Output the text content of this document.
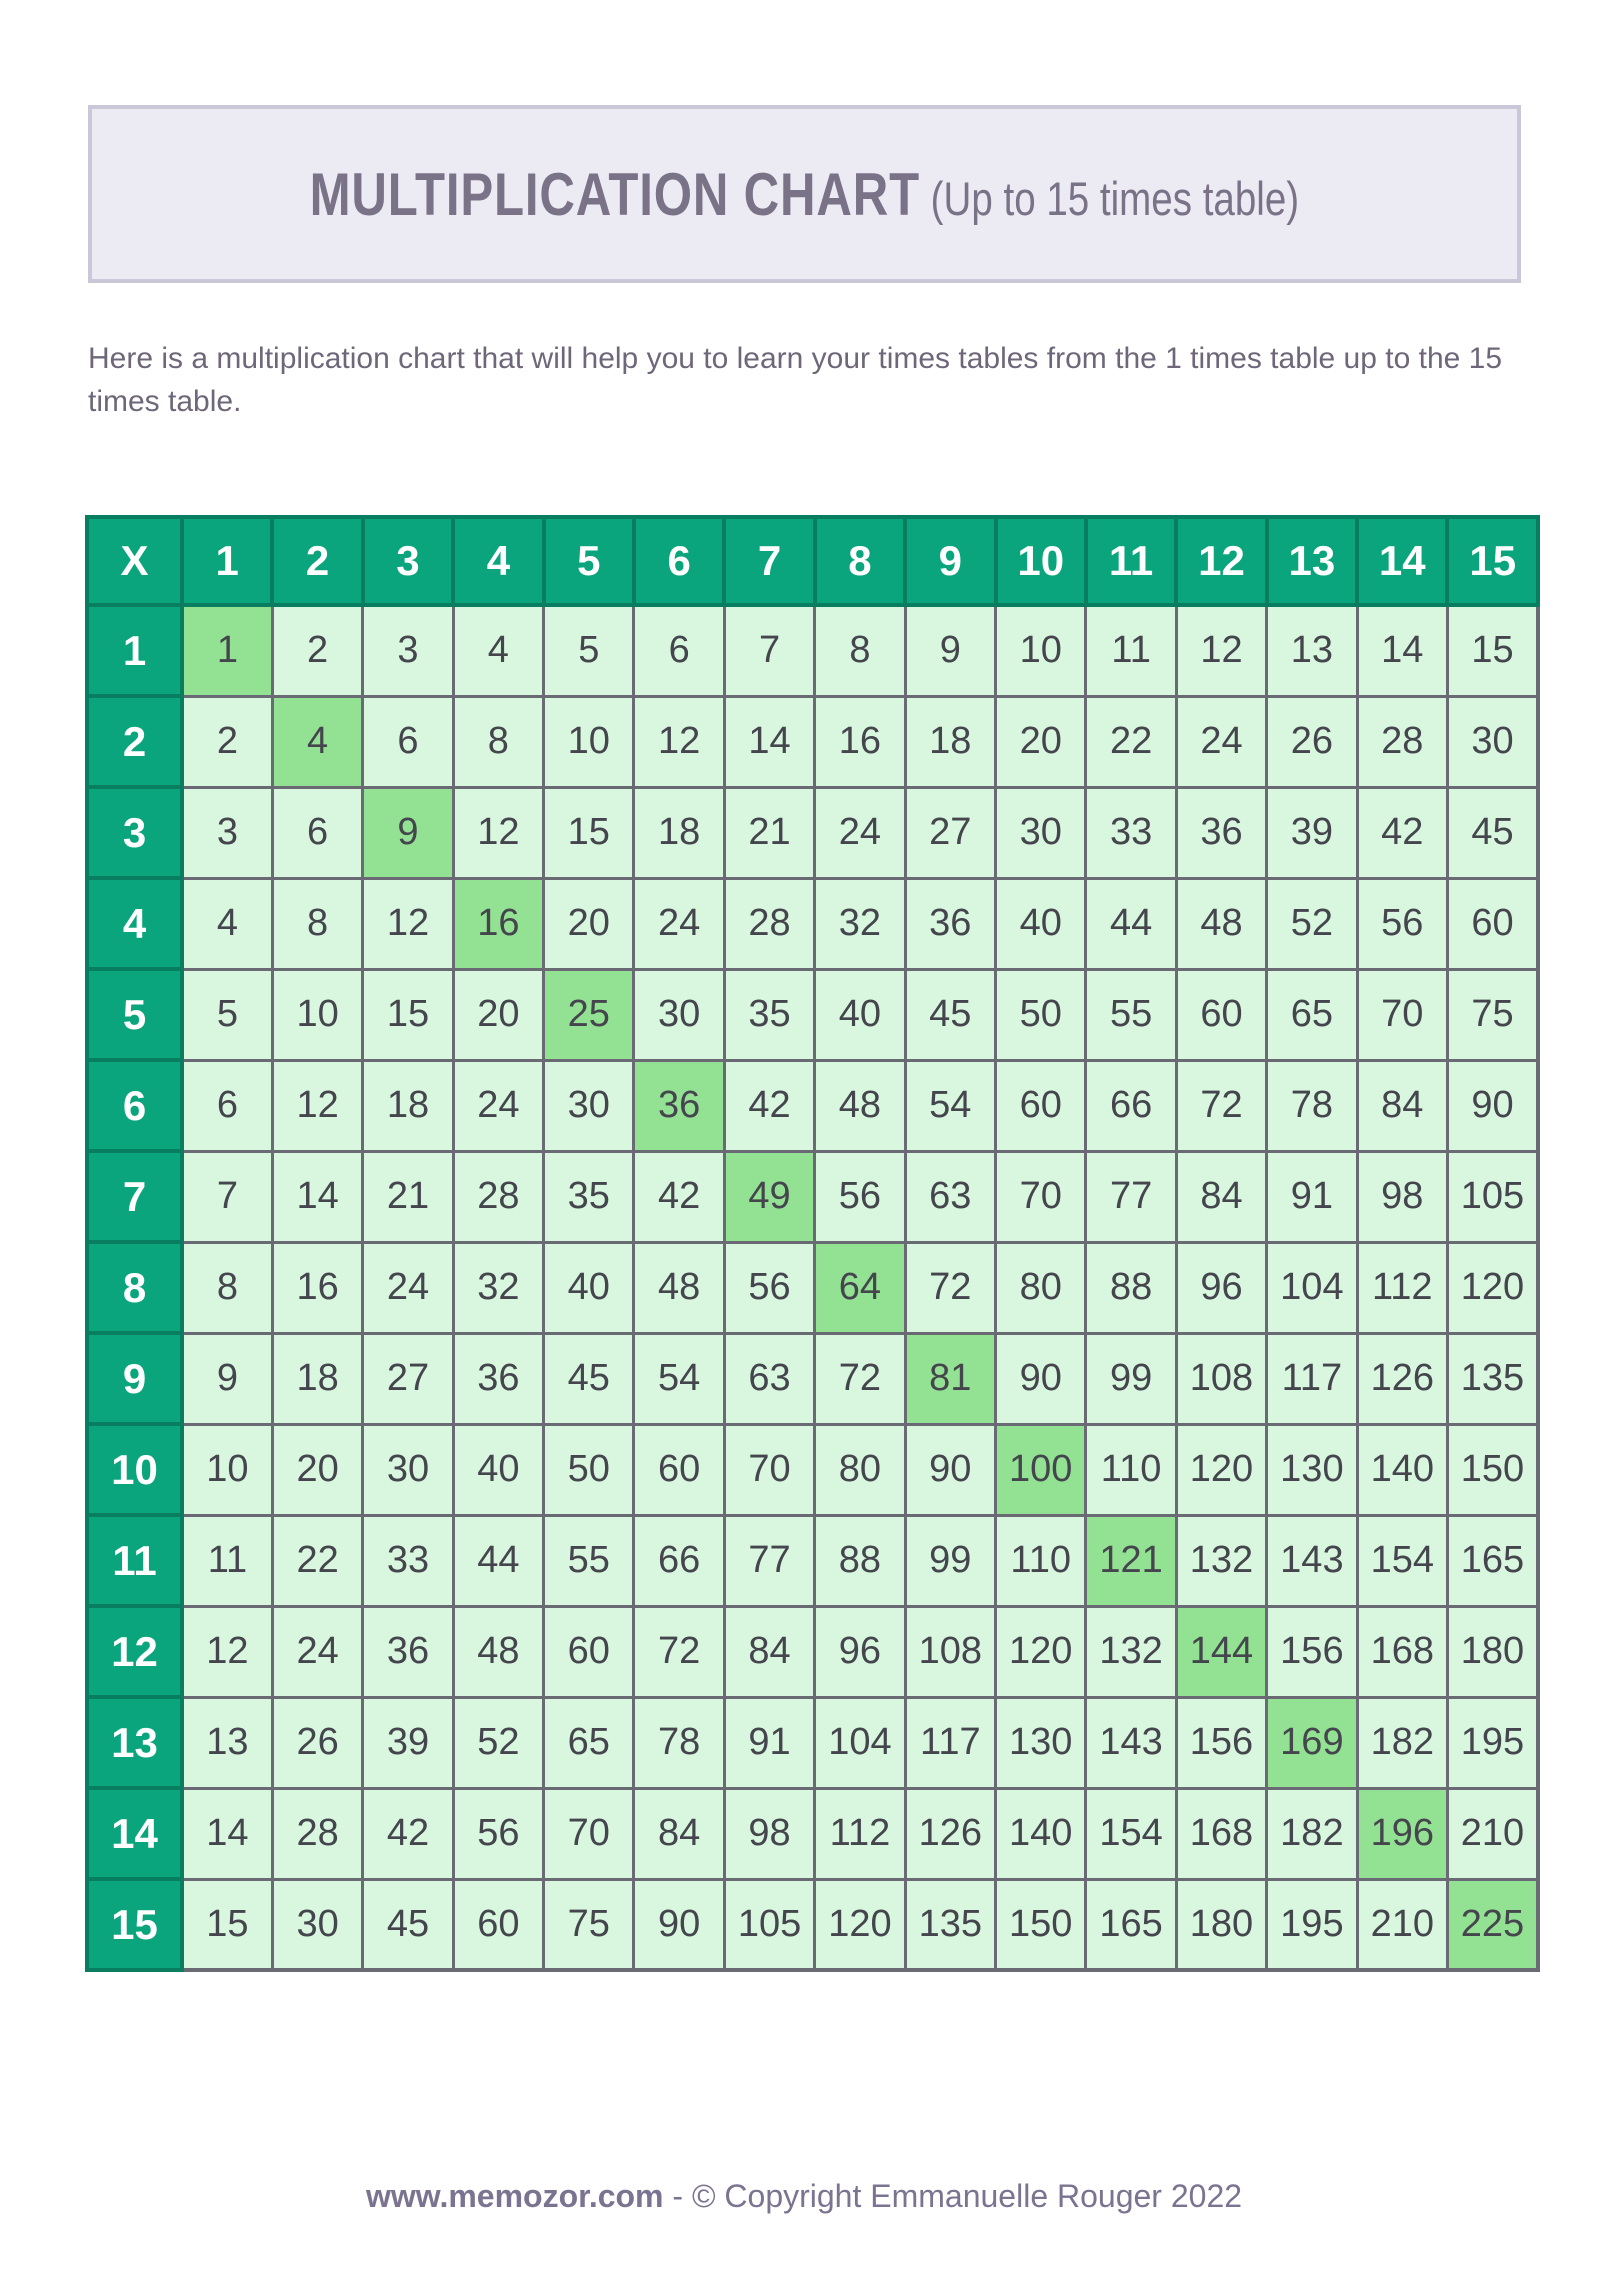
MULTIPLICATION CHART (Up to 15 times table)

Here is a multiplication chart that will help you to learn your times tables from the 1 times table up to the 15 times table.

X	1	2	3	4	5	6	7	8	9	10	11	12	13	14	15
1	1	2	3	4	5	6	7	8	9	10	11	12	13	14	15
2	2	4	6	8	10	12	14	16	18	20	22	24	26	28	30
3	3	6	9	12	15	18	21	24	27	30	33	36	39	42	45
4	4	8	12	16	20	24	28	32	36	40	44	48	52	56	60
5	5	10	15	20	25	30	35	40	45	50	55	60	65	70	75
6	6	12	18	24	30	36	42	48	54	60	66	72	78	84	90
7	7	14	21	28	35	42	49	56	63	70	77	84	91	98	105
8	8	16	24	32	40	48	56	64	72	80	88	96	104	112	120
9	9	18	27	36	45	54	63	72	81	90	99	108	117	126	135
10	10	20	30	40	50	60	70	80	90	100	110	120	130	140	150
11	11	22	33	44	55	66	77	88	99	110	121	132	143	154	165
12	12	24	36	48	60	72	84	96	108	120	132	144	156	168	180
13	13	26	39	52	65	78	91	104	117	130	143	156	169	182	195
14	14	28	42	56	70	84	98	112	126	140	154	168	182	196	210
15	15	30	45	60	75	90	105	120	135	150	165	180	195	210	225

www.memozor.com - © Copyright Emmanuelle Rouger 2022
